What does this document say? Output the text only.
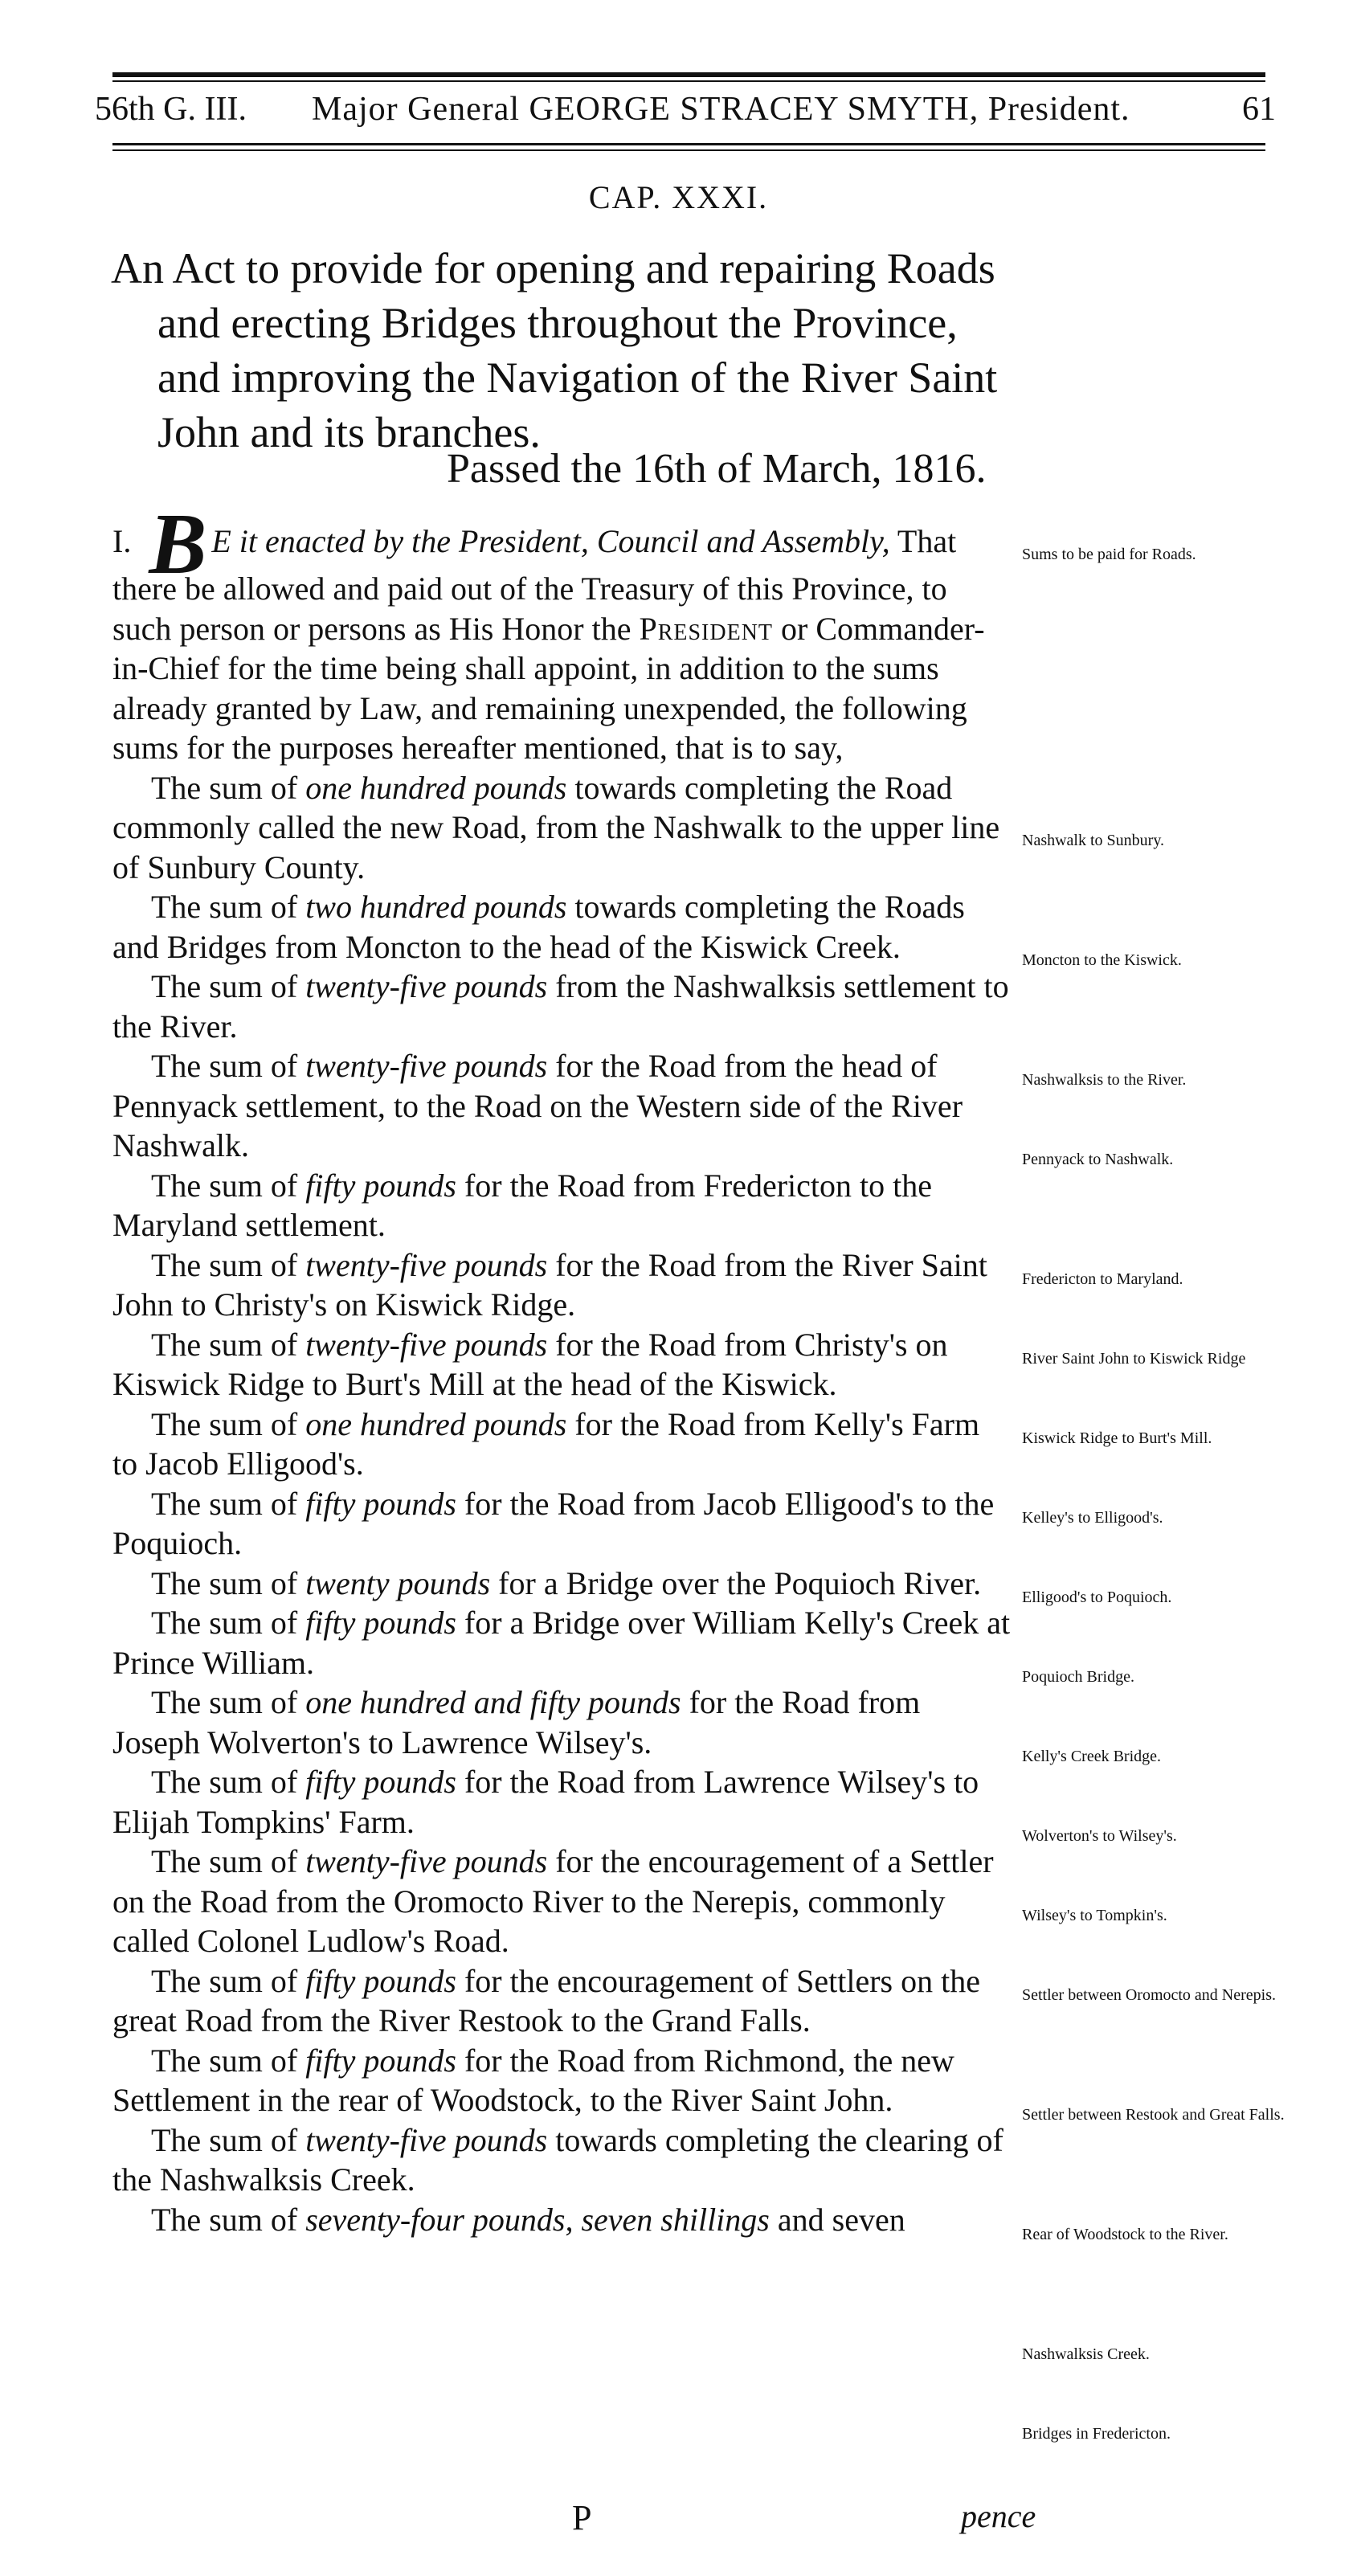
56th G. III. Major General GEORGE STRACEY SMYTH, President.	61
CAP. XXXI.
An Act to provide for opening and repairing Roads
and erecting Bridges throughout the Province, and improving the Navigation of the River Saint John and its branches.
Passed the 16th of March, 1816.
I. B E it enacted by the President, Council and Assembly, That there be allowed and paid out of the Treasury of this Province, to such person or persons as His Honor the President or Commander-in-Chief for the time being shall appoint, in addition to the sums already granted by Law, and remaining unexpended, the following sums for the purposes hereafter mentioned, that is to say,
The sum of one hundred pounds towards completing the Road commonly called the new Road, from the Nashwalk to the upper line of Sunbury County.
The sum of two hundred pounds towards completing the Roads and Bridges from Moncton to the head of the Kiswick Creek.
The sum of twenty-five pounds from the Nashwalksis settlement to the River.
The sum of twenty-five pounds for the Road from the head of Pennyack settlement, to the Road on the Western side of the River Nashwalk.
The sum of fifty pounds for the Road from Fredericton to the Maryland settlement.
The sum of twenty-five pounds for the Road from the River Saint John to Christy's on Kiswick Ridge.
The sum of twenty-five pounds for the Road from Christy's on Kiswick Ridge to Burt's Mill at the head of the Kiswick.
The sum of one hundred pounds for the Road from Kelly's Farm to Jacob Elligood's.
The sum of fifty pounds for the Road from Jacob Elligood's to the Poquioch.
The sum of twenty pounds for a Bridge over the Poquioch River.
The sum of fifty pounds for a Bridge over William Kelly's Creek at Prince William.
The sum of one hundred and fifty pounds for the Road from Joseph Wolverton's to Lawrence Wilsey's.
The sum of fifty pounds for the Road from Lawrence Wilsey's to Elijah Tompkins' Farm.
The sum of twenty-five pounds for the encouragement of a Settler on the Road from the Oromocto River to the Nerepis, commonly called Colonel Ludlow's Road.
The sum of fifty pounds for the encouragement of Settlers on the great Road from the River Restook to the Grand Falls.
The sum of fifty pounds for the Road from Richmond, the new Settlement in the rear of Woodstock, to the River Saint John.
The sum of twenty-five pounds towards completing the clearing of the Nashwalksis Creek.
The sum of seventy-four pounds, seven shillings and seven
Sums to be paid for Roads.
Nashwalk to Sunbury.
Moncton to the Kiswick.
Nashwalksis to the River.
Pennyack to Nashwalk.
Fredericton to Maryland.
River Saint John to Kiswick Ridge
Kiswick Ridge to Burt's Mill.
Kelley's to Elligood's.
Elligood's to Poquioch.
Poquioch Bridge.
Kelly's Creek Bridge.
Wolverton's to Wilsey's.
Wilsey's to Tompkin's.
Settler between Oromocto and Nerepis.
Settler between Restook and Great Falls.
Rear of Woodstock to the River.
Nashwalksis Creek.
Bridges in Fredericton.
P	pence
